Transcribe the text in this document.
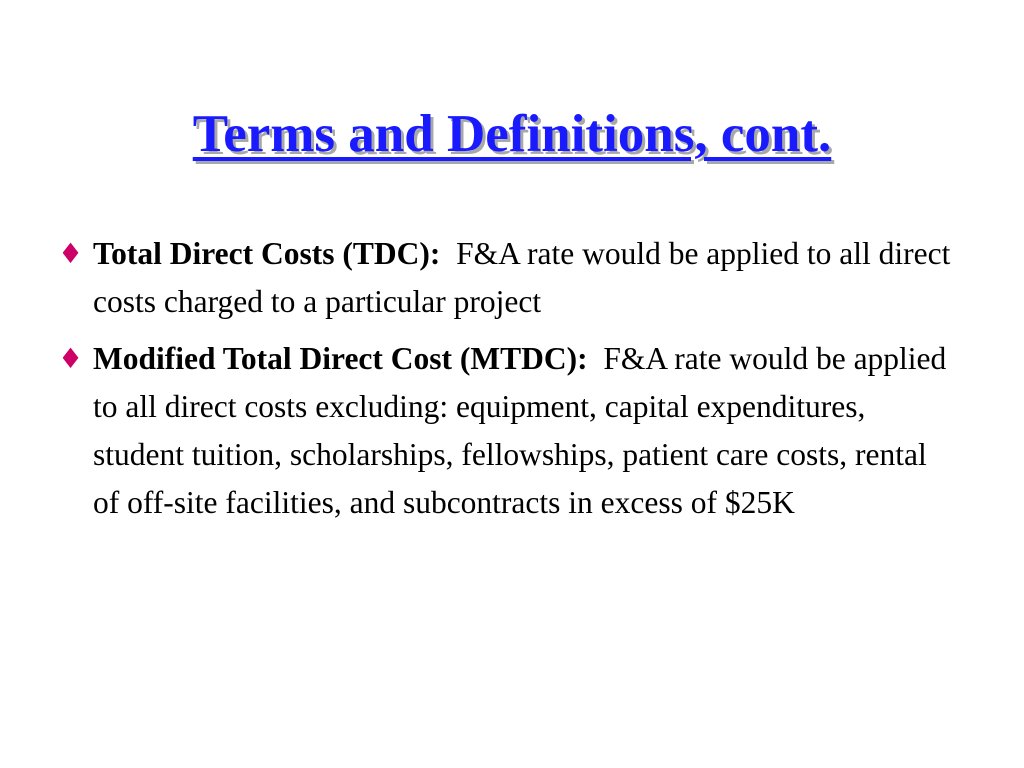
Terms and Definitions, cont.
♦ Total Direct Costs (TDC): F&A rate would be applied to all direct costs charged to a particular project
♦ Modified Total Direct Cost (MTDC): F&A rate would be applied to all direct costs excluding: equipment, capital expenditures, student tuition, scholarships, fellowships, patient care costs, rental of off-site facilities, and subcontracts in excess of $25K
